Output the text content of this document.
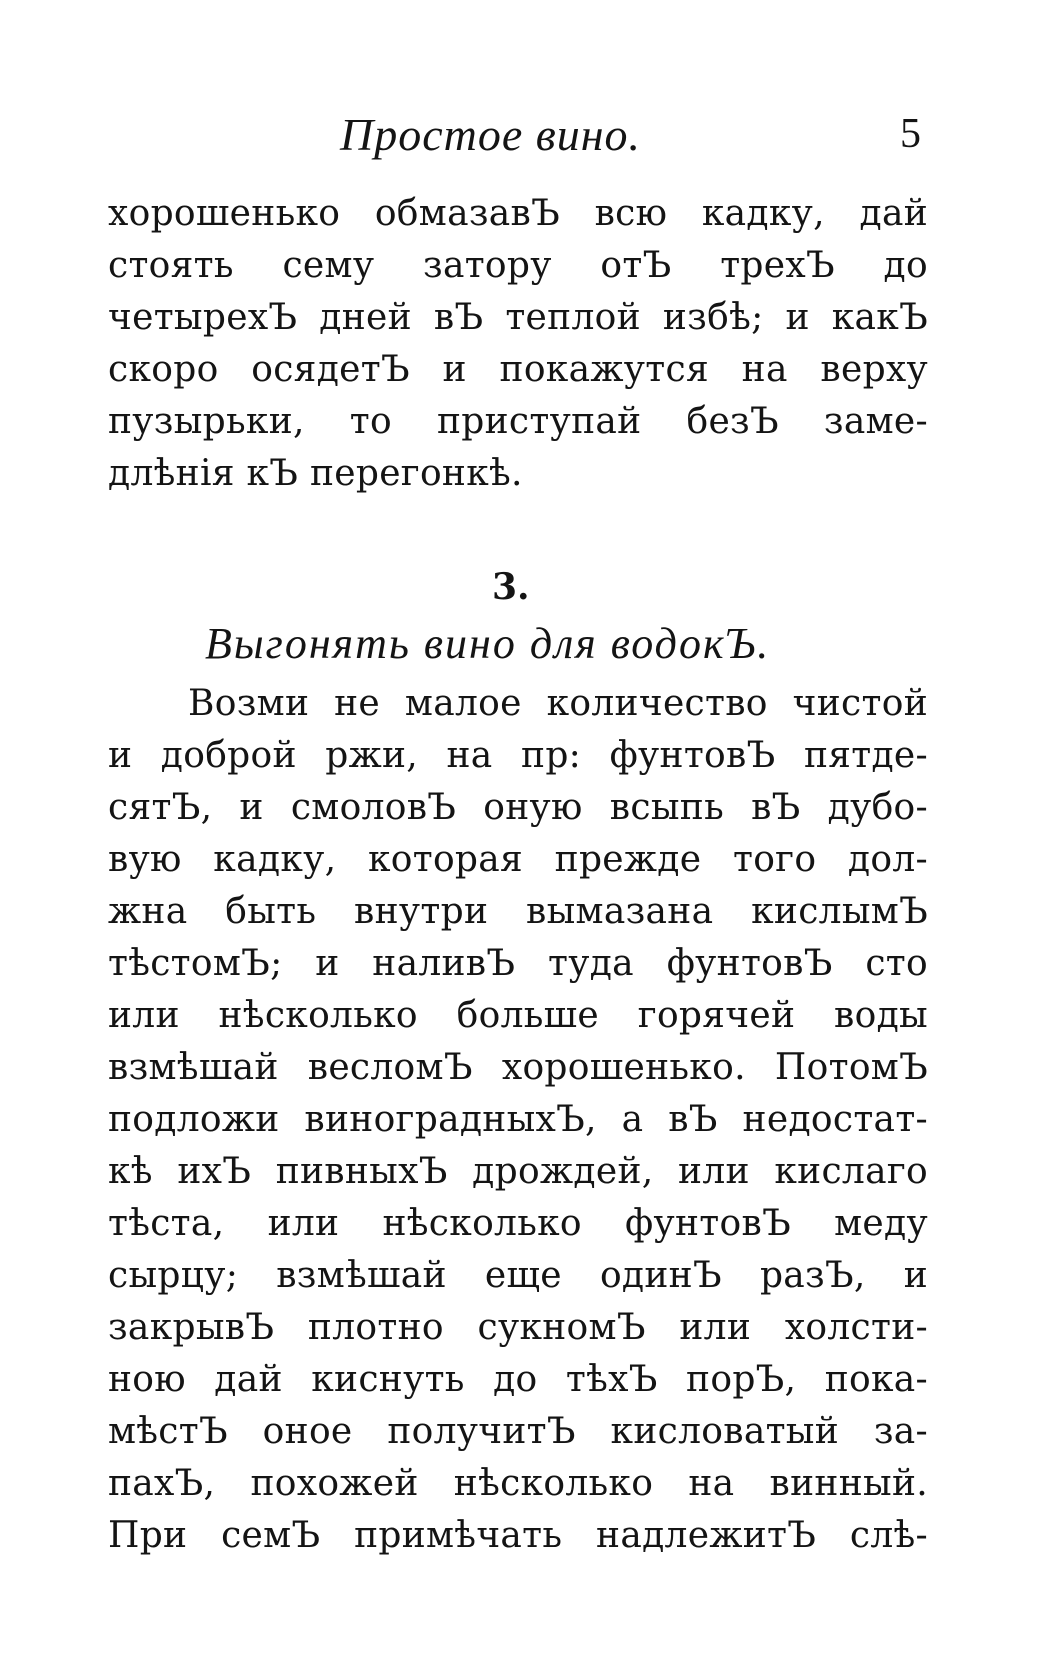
Простое вино.	5
хорошенько обмазавЪ всю кадку, дай
стоять сему затору отЪ трехЪ до
четырехЪ дней вЪ теплой избѣ; и какЪ
скоро осядетЪ и покажутся на верху
пузырьки, то приступай безЪ заме-
длѣнія кЪ перегонкѣ.
3.
Выгонять вино для водокЪ.
Возми не малое количество чистой
и доброй ржи, на пр: фунтовЪ пятде-
сятЪ, и смоловЪ оную всыпь вЪ дубо-
вую кадку, которая прежде того дол-
жна быть внутри вымазана кислымЪ
тѣстомЪ; и наливЪ туда фунтовЪ сто
или нѣсколько больше горячей воды
взмѣшай весломЪ хорошенько. ПотомЪ
подложи виноградныхЪ, а вЪ недостат-
кѣ ихЪ пивныхЪ дрождей, или кислаго
тѣста, или нѣсколько фунтовЪ меду
сырцу; взмѣшай еще одинЪ разЪ, и
закрывЪ плотно сукномЪ или холсти-
ною дай киснуть до тѣхЪ порЪ, пока-
мѣстЪ оное получитЪ кисловатый за-
пахЪ, похожей нѣсколько на винный.
При семЪ примѣчать надлежитЪ слѣ-
